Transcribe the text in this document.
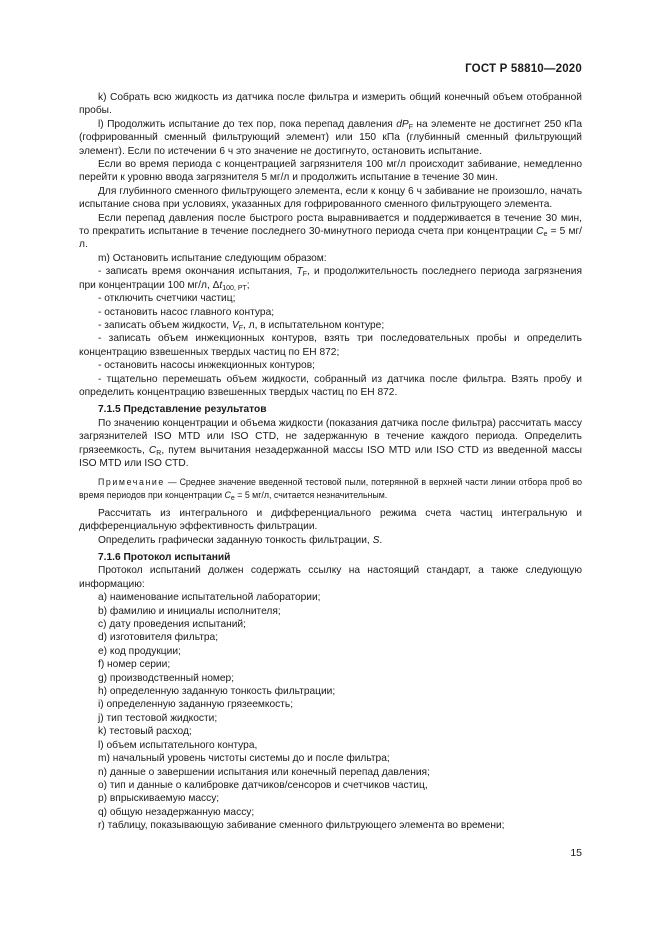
ГОСТ Р 58810—2020

k) Собрать всю жидкость из датчика после фильтра и измерить общий конечный объем отобранной пробы.

l) Продолжить испытание до тех пор, пока перепад давления $dP_F$ на элементе не достигнет 250 кПа (гофрированный сменный фильтрующий элемент) или 150 кПа (глубинный сменный фильтрующий элемент). Если по истечении 6 ч это значение не достигнуто, остановить испытание.

Если во время периода с концентрацией загрязнителя 100 мг/л происходит забивание, немедленно перейти к уровню ввода загрязнителя 5 мг/л и продолжить испытание в течение 30 мин.

Для глубинного сменного фильтрующего элемента, если к концу 6 ч забивание не произошло, начать испытание снова при условиях, указанных для гофрированного сменного фильтрующего элемента.

Если перепад давления после быстрого роста выравнивается и поддерживается в течение 30 мин, то прекратить испытание в течение последнего 30-минутного периода счета при концентрации $C_e = 5$ мг/л.

m) Остановить испытание следующим образом:

- записать время окончания испытания, $T_F$, и продолжительность последнего периода загрязнения при концентрации 100 мг/л, $\Delta t_{100, PT}$;

- отключить счетчики частиц;

- остановить насос главного контура;

- записать объем жидкости, $V_F$, л, в испытательном контуре;

- записать объем инжекционных контуров, взять три последовательных пробы и определить концентрацию взвешенных твердых частиц по ЕН 872;

- остановить насосы инжекционных контуров;

- тщательно перемешать объем жидкости, собранный из датчика после фильтра. Взять пробу и определить концентрацию взвешенных твердых частиц по ЕН 872.

7.1.5 Представление результатов

По значению концентрации и объема жидкости (показания датчика после фильтра) рассчитать массу загрязнителей ISO MTD или ISO CTD, не задержанную в течение каждого периода. Определить грязеемкость, $C_R$, путем вычитания незадержанной массы ISO MTD или ISO CTD из введенной массы ISO MTD или ISO CTD.

Примечание — Среднее значение введенной тестовой пыли, потерянной в верхней части линии отбора проб во время периодов при концентрации $C_e = 5$ мг/л, считается незначительным.

Рассчитать из интегрального и дифференциального режима счета частиц интегральную и дифференциальную эффективность фильтрации.

Определить графически заданную тонкость фильтрации, S.

7.1.6 Протокол испытаний

Протокол испытаний должен содержать ссылку на настоящий стандарт, а также следующую информацию:

a) наименование испытательной лаборатории;

b) фамилию и инициалы исполнителя;

c) дату проведения испытаний;

d) изготовителя фильтра;

e) код продукции;

f) номер серии;

g) производственный номер;

h) определенную заданную тонкость фильтрации;

i) определенную заданную грязеемкость;

j) тип тестовой жидкости;

k) тестовый расход;

l) объем испытательного контура,

m) начальный уровень чистоты системы до и после фильтра;

n) данные о завершении испытания или конечный перепад давления;

o) тип и данные о калибровке датчиков/сенсоров и счетчиков частиц,

p) впрыскиваемую массу;

q) общую незадержанную массу;

r) таблицу, показывающую забивание сменного фильтрующего элемента во времени;

15
